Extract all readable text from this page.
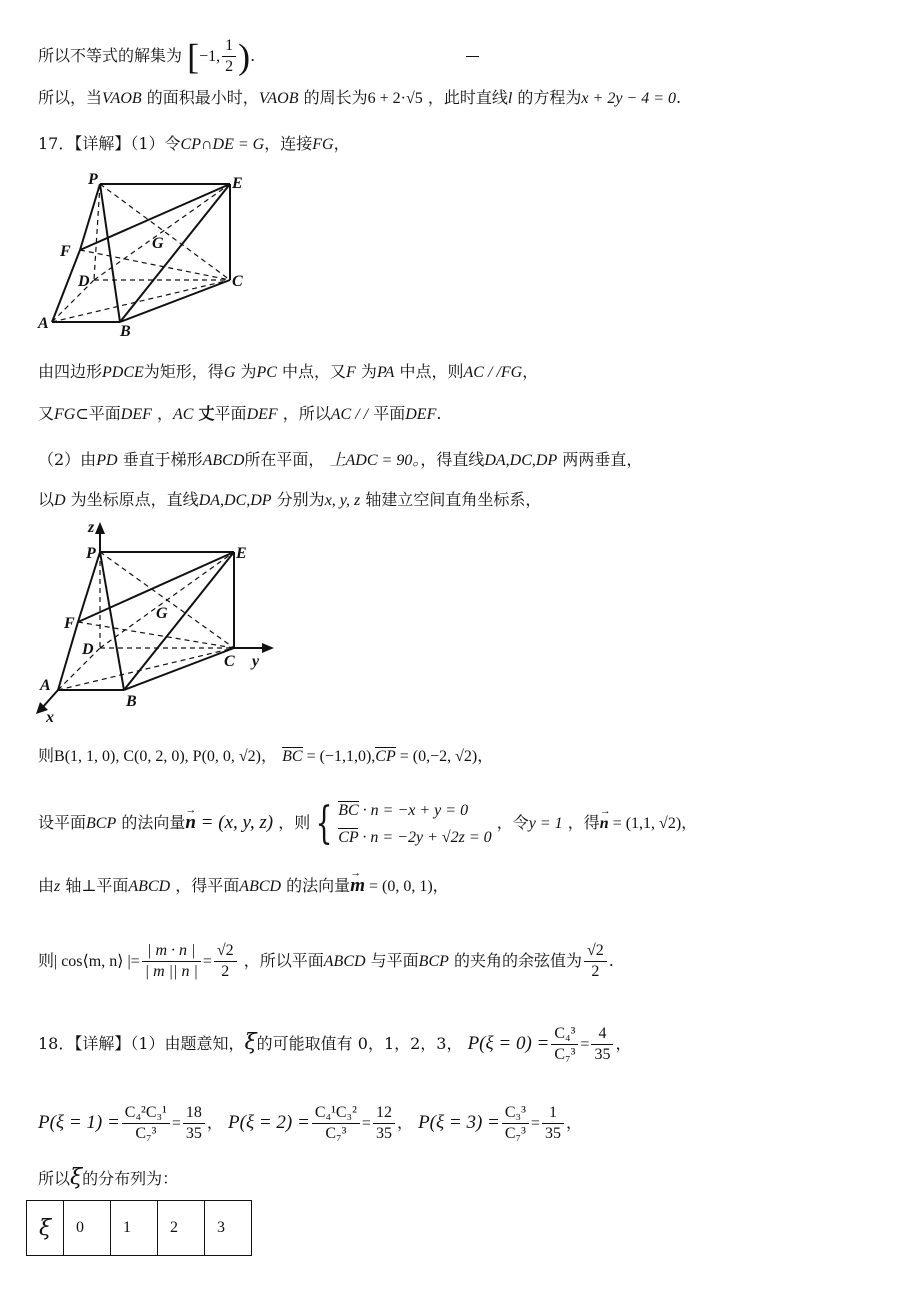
所以不等式的解集为 [−1, $\frac{1}{2}$ ).
所以，当VAOB 的面积最小时，VAOB 的周长为6 + 2·√5 ，此时直线l 的方程为x + 2y − 4 = 0.
17．【详解】（1）令CP∩DE = G，连接FG，
P	E
F	G
D	C
A	B
由四边形PDCE为矩形，得G 为PC 中点，又F 为PA 中点，则AC / /FG，
又FG⊂平面DEF ，AC 丈平面DEF ，所以AC / / 平面DEF.
（2）由PD 垂直于梯形ABCD所在平面， 上ADC = 90。，得直线DA,DC,DP 两两垂直，
以D 为坐标原点，直线DA,DC,DP 分别为x, y, z 轴建立空间直角坐标系，
z
P	E
F
G
D
C y
A
B
x
则B(1, 1, 0), C(0, 2, 0), P(0, 0, √2)， BC = (−1,1,0),CP = (0,−2, √2)，
设平面BCP 的法向量→ n = (x, y, z) ，则 { BC · n = −x + y = 0
CP · n = −2y + √2z = 0
，令y = 1 ，得→ n = (1,1, √2)，
由z 轴⊥平面ABCD ，得平面ABCD 的法向量→ m = (0, 0, 1)，
则| cos⟨m, n⟩ |= $\frac{| m \cdot n |}{| m || n |} = \frac{√2}{2}$ ，所以平面ABCD 与平面BCP 的夹角的余弦值为 $\frac{√2}{2}$ .
18．【详解】（1）由题意知，ξ的可能取值有 0，1，2，3， $P(\xi = 0) = \frac{\text{C₄³}}{\text{C₇³}} = \frac{4}{35}$ ，
$P(\xi = 1) = \frac{\text{C₄²C₃¹}}{\text{C₇³}} = \frac{18}{35}$ ， $P(\xi = 2) = \frac{\text{C₄¹C₃²}}{\text{C₇³}} = \frac{12}{35}$ ， $P(\xi = 3) = \frac{\text{C₃³}}{\text{C₇³}} = \frac{1}{35}$ ，
所以ξ的分布列为：
ξ	0	1	2	3
